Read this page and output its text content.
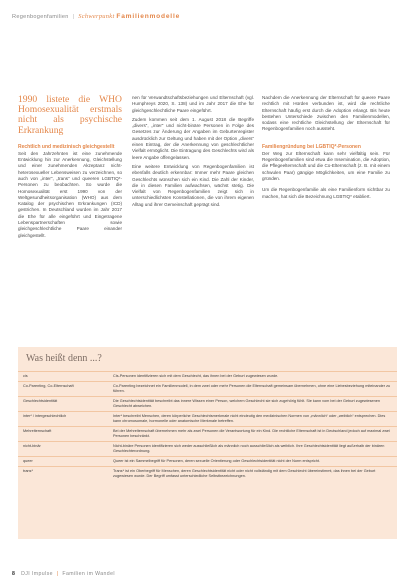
Regenbogenfamilien | Schwerpunkt Familienmodelle
1990 listete die WHO Homosexualität erstmals nicht als psychische Erkrankung
Rechtlich und medizinisch gleichgestellt

Seit den Jahrzehnten ist eine zunehmende Entwicklung hin zur Anerkennung, Gleichstellung und einer zunehmenden Akzeptanz nicht-heterosexueller Lebensweisen zu verzeichnen, so auch von „inter“, „trans“ und queeren LGBTIQ*-Personen zu beobachten. So wurde die Homosexualität erst 1990 von der Weltgesundheitsorganisation (WHO) aus dem Katalog der psychischen Erkrankungen (ICD) gestrichen. In Deutschland wurden im Jahr 2017 die Ehe für alle eingeführt und Eingetragene Lebenspartnerschaften sowie gleichgeschlechtliche Paare einander gleichgestellt.

nen für Verwandtschaftsbeziehungen und Elternschaft (vgl. Humphreys 2020, S. 138) und im Jahr 2017 die Ehe für gleichgeschlechtliche Paare eingeführt.

Zudem kommen seit dem 1. August 2018 die Begriffe „divers“, „inter“ und nicht-binäre Personen in Folge des Gesetzes zur Änderung der Angaben im Geburtenregister ausdrücklich zur Geltung und haben mit der Option „divers“ einen Eintrag, der die Anerkennung von geschlechtlicher Vielfalt ermöglicht. Die Eintragung des Geschlechts wird als leere Angabe offengelassen.

Eine weitere Entwicklung von Regenbogenfamilien ist ebenfalls deutlich erkennbar: Immer mehr Paare gleichen Geschlechts wünschen sich ein Kind. Die Zahl der Kinder, die in diesen Familien aufwachsen, wächst stetig. Die Vielfalt von Regenbogenfamilien zeigt sich in unterschiedlichsten Konstellationen, die von ihrem eigenen Alltag und ihrer Gemeinschaft geprägt sind.

Nachdem die Anerkennung der Elternschaft für queere Paare rechtlich mit Hürden verbunden ist, wird die rechtliche Elternschaft häufig erst durch die Adoption erlangt. Bis heute bestehen Unterschiede zwischen den Familienmodellen, sodass eine rechtliche Gleichstellung der Elternschaft für Regenbogenfamilien noch aussteht.

Familiengründung bei LGBTIQ*-Personen

Der Weg zur Elternschaft kann sehr vielfältig sein. Für Regenbogenfamilien sind etwa die Insemination, die Adoption, die Pflegeelternschaft und die Co-Elternschaft (z. B. mit einem schwulen Paar) gängige Möglichkeiten, um eine Familie zu gründen.

Um die Regenbogenfamilie als eine Familienform sichtbar zu machen, hat sich die Bezeichnung LGBTIQ* etabliert.

Was heißt denn ...?
cis	Cis-Personen identifizieren sich mit dem Geschlecht, das ihnen bei der Geburt zugewiesen wurde.
Co-Parenting, Co-Elternschaft	Co-Parenting bezeichnet ein Familienmodell, in dem zwei oder mehr Personen die Elternschaft gemeinsam übernehmen, ohne eine Liebesbeziehung miteinander zu führen.
Geschlechtsidentität	Die Geschlechtsidentität beschreibt das innere Wissen einer Person, welchem Geschlecht sie sich zugehörig fühlt. Sie kann vom bei der Geburt zugewiesenen Geschlecht abweichen.
inter* / intergeschlechtlich	Inter* beschreibt Menschen, deren körperliche Geschlechtsmerkmale nicht eindeutig den medizinischen Normen von „männlich“ oder „weiblich“ entsprechen. Dies kann chromosomale, hormonelle oder anatomische Merkmale betreffen.
Mehrelternschaft	Bei der Mehrelternschaft übernehmen mehr als zwei Personen die Verantwortung für ein Kind. Die rechtliche Elternschaft ist in Deutschland jedoch auf maximal zwei Personen beschränkt.
nicht-binär	Nicht-binäre Personen identifizieren sich weder ausschließlich als männlich noch ausschließlich als weiblich. Ihre Geschlechtsidentität liegt außerhalb der binären Geschlechterordnung.
queer	Queer ist ein Sammelbegriff für Personen, deren sexuelle Orientierung oder Geschlechtsidentität nicht der Norm entspricht.
trans*	Trans* ist ein Oberbegriff für Menschen, deren Geschlechtsidentität nicht oder nicht vollständig mit dem Geschlecht übereinstimmt, das ihnen bei der Geburt zugewiesen wurde. Der Begriff umfasst unterschiedliche Selbstbezeichnungen.
8 DJI Impulse | Familien im Wandel
